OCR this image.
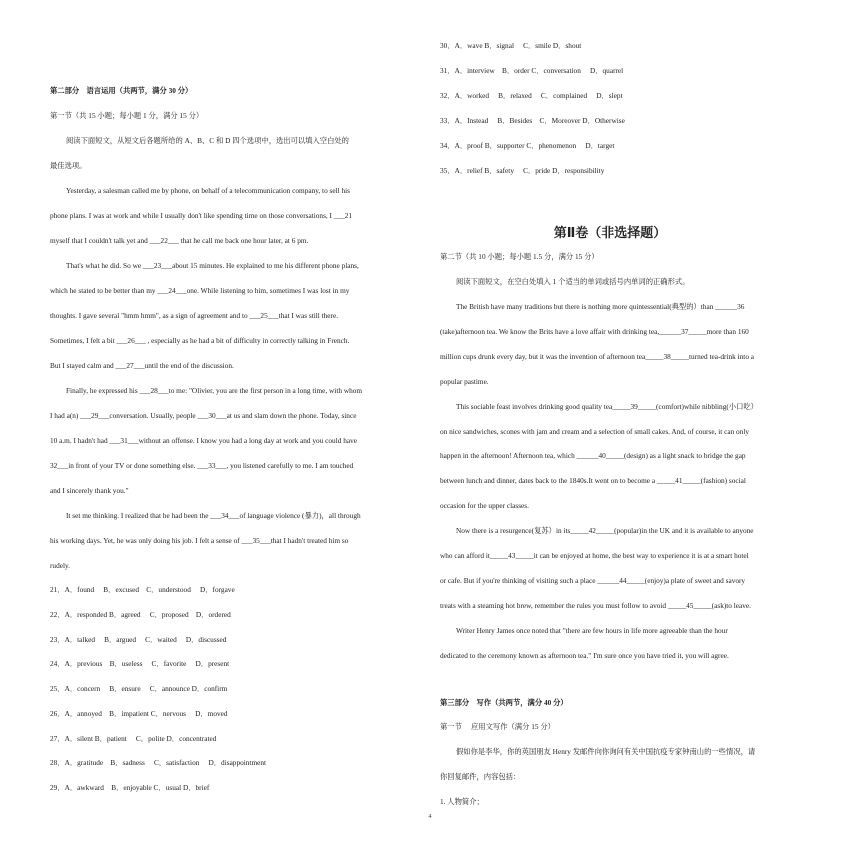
第二部分　语言运用（共两节，满分 30 分）
第一节（共 15 小题；每小题 1 分，满分 15 分）
阅读下面短文，从短文后各题所给的 A、B、C 和 D 四个选项中，选出可以填入空白处的
最佳选项。
Yesterday, a salesman called me by phone, on behalf of a telecommunication company, to sell his
phone plans. I was at work and while I usually don't like spending time on those conversations, I ___21
myself that I couldn't talk yet and ___22___ that he call me back one hour later, at 6 pm.
That's what he did. So we ___23___about 15 minutes. He explained to me his different phone plans,
which he stated to be better than my ___24___one. While listening to him, sometimes I was lost in my
thoughts. I gave several "hmm hmm", as a sign of agreement and to ___25___that I was still there.
Sometimes, I felt a bit ___26___ , especially as he had a bit of difficulty in correctly talking in French.
But I stayed calm and ___27___until the end of the discussion.
Finally, he expressed his ___28___to me: "Olivier, you are the first person in a long time, with whom
I had a(n) ___29___conversation. Usually, people ___30___at us and slam down the phone. Today, since
10 a.m. I hadn't had ___31___without an offense. I know you had a long day at work and you could have
32___in front of your TV or done something else. ___33___, you listened carefully to me. I am touched
and I sincerely thank you."
It set me thinking. I realized that he had been the ___34___of language violence (暴力)，all through
his working days. Yet, he was only doing his job. I felt a sense of ___35___that I hadn't treated him so
rudely.
21．A．found　 B．excused　C．understood　 D．forgave
22．A．responded B．agreed　 C．proposed　D．ordered
23．A．talked　 B．argued　 C．waited　 D．discussed
24．A．previous　B．useless　 C．favorite　 D．present
25．A．concern　 B．ensure　 C．announce D．confirm
26．A．annoyed　B．impatient C．nervous　 D．moved
27．A．silent B．patient　 C．polite D．concentrated
28．A．gratitude　B．sadness　 C．satisfaction　 D．disappointment
29．A．awkward　B．enjoyable C．usual D．brief
30．A．wave B．signal　 C．smile D．shout
31．A．interview　B．order C．conversation　 D．quarrel
32．A．worked　 B．relaxed　 C．complained　 D．slept
33．A．Instead　 B．Besides　C．Moreover D．Otherwise
34．A．proof B．supporter C．phenomenon　 D．target
35．A．relief B．safety　 C．pride D．responsibility
第Ⅱ卷（非选择题）
第二节（共 10 小题；每小题 1.5 分，满分 15 分）
阅读下面短文，在空白处填入 1 个适当的单词或括号内单词的正确形式。
The British have many traditions but there is nothing more quintessential(典型的）than ______36
(take)afternoon tea. We know the Brits have a love affair with drinking tea,______37_____more than 160
million cups drunk every day, but it was the invention of afternoon tea_____38_____turned tea-drink into a
popular pastime.
This sociable feast involves drinking good quality tea_____39_____(comfort)while nibbling(小口吃）
on nice sandwiches, scones with jam and cream and a selection of small cakes. And, of course, it can only
happen in the afternoon! Afternoon tea, which ______40_____(design) as a light snack to bridge the gap
between lunch and dinner, dates back to the 1840s.It went on to become a _____41_____(fashion) social
occasion for the upper classes.
Now there is a resurgence(复苏）in its_____42_____(popular)in the UK and it is available to anyone
who can afford it_____43_____it can be enjoyed at home, the best way to experience it is at a smart hotel
or cafe. But if you're thinking of visiting such a place ______44_____(enjoy)a plate of sweet and savory
treats with a steaming hot brew, remember the rules you must follow to avoid _____45_____(ask)to leave.
Writer Henry James once noted that "there are few hours in life more agreeable than the hour
dedicated to the ceremony known as afternoon tea." I'm sure once you have tried it, you will agree.
第三部分　写作（共两节，满分 40 分）
第一节　 应用文写作（满分 15 分）
假如你是李华，你的英国朋友 Henry 发邮件向你询问有关中国抗疫专家钟南山的一些情况，请
你回复邮件，内容包括：
1. 人物简介；
4
